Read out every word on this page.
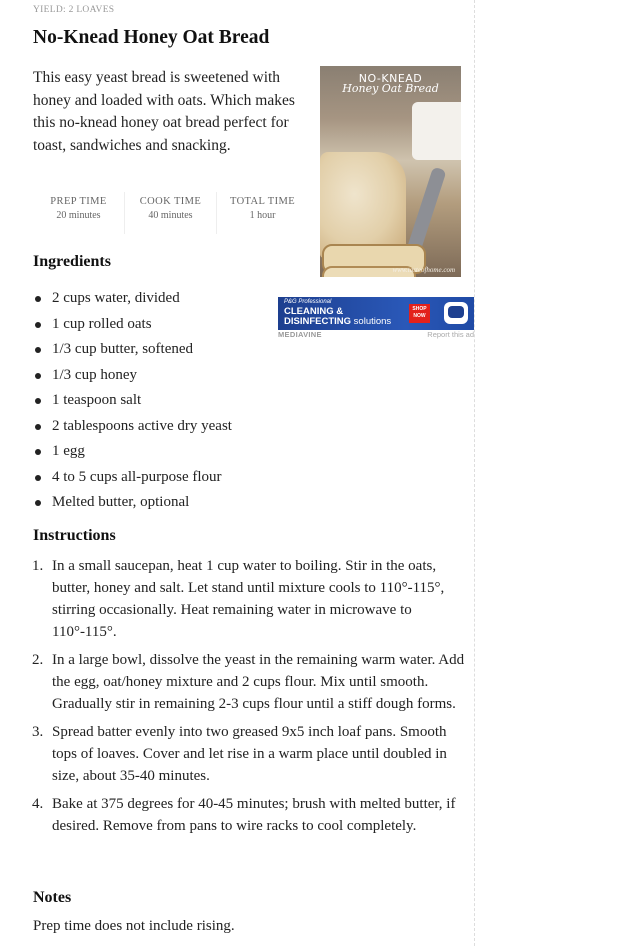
YIELD: 2 LOAVES
No-Knead Honey Oat Bread
This easy yeast bread is sweetened with honey and loaded with oats. Which makes this no-knead honey oat bread perfect for toast, sandwiches and snacking.
PREP TIME
20 minutes
COOK TIME
40 minutes
TOTAL TIME
1 hour
NO-KNEAD
Honey Oat Bread
www.tasteofhome.com
Ingredients
2 cups water, divided
1 cup rolled oats
1/3 cup butter, softened
1/3 cup honey
1 teaspoon salt
2 tablespoons active dry yeast
1 egg
4 to 5 cups all-purpose flour
Melted butter, optional
P&G Professional
CLEANING &
DISINFECTING solutions
SHOP NOW
MEDIAVINE	Report this ad
Instructions
1. In a small saucepan, heat 1 cup water to boiling. Stir in the oats, butter, honey and salt. Let stand until mixture cools to 110°-115°, stirring occasionally. Heat remaining water in microwave to 110°-115°.
2. In a large bowl, dissolve the yeast in the remaining warm water. Add the egg, oat/honey mixture and 2 cups flour. Mix until smooth. Gradually stir in remaining 2-3 cups flour until a stiff dough forms.
3. Spread batter evenly into two greased 9x5 inch loaf pans. Smooth tops of loaves. Cover and let rise in a warm place until doubled in size, about 35-40 minutes.
4. Bake at 375 degrees for 40-45 minutes; brush with melted butter, if desired. Remove from pans to wire racks to cool completely.
Notes
Prep time does not include rising.
